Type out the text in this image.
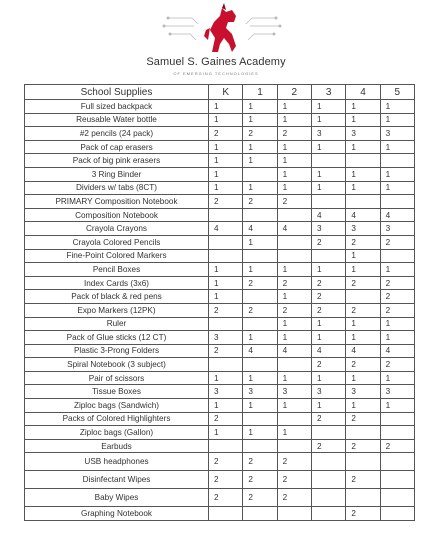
Samuel S. Gaines Academy
OF EMERGING TECHNOLOGIES
School Supplies	K	1	2	3	4	5
Full sized backpack	1	1	1	1	1	1
Reusable Water bottle	1	1	1	1	1	1
#2 pencils (24 pack)	2	2	2	3	3	3
Pack of cap erasers	1	1	1	1	1	1
Pack of big pink erasers	1	1	1			
3 Ring Binder	1		1	1	1	1
Dividers w/ tabs (8CT)	1	1	1	1	1	1
PRIMARY Composition Notebook	2	2	2			
Composition Notebook				4	4	4
Crayola Crayons	4	4	4	3	3	3
Crayola Colored Pencils		1		2	2	2
Fine-Point Colored Markers					1	
Pencil Boxes	1	1	1	1	1	1
Index Cards (3x6)	1	2	2	2	2	2
Pack of black & red pens	1		1	2		2
Expo Markers (12PK)	2	2	2	2	2	2
Ruler			1	1	1	1
Pack of Glue sticks (12 CT)	3	1	1	1	1	1
Plastic 3-Prong Folders	2	4	4	4	4	4
Spiral Notebook (3 subject)				2	2	2
Pair of scissors	1	1	1	1	1	1
Tissue Boxes	3	3	3	3	3	3
Ziploc bags (Sandwich)	1	1	1	1	1	1
Packs of Colored Highlighters	2			2	2	
Ziploc bags (Gallon)	1	1	1			
Earbuds				2	2	2
USB headphones	2	2	2			
Disinfectant Wipes	2	2	2		2	
Baby Wipes	2	2	2			
Graphing Notebook					2	
